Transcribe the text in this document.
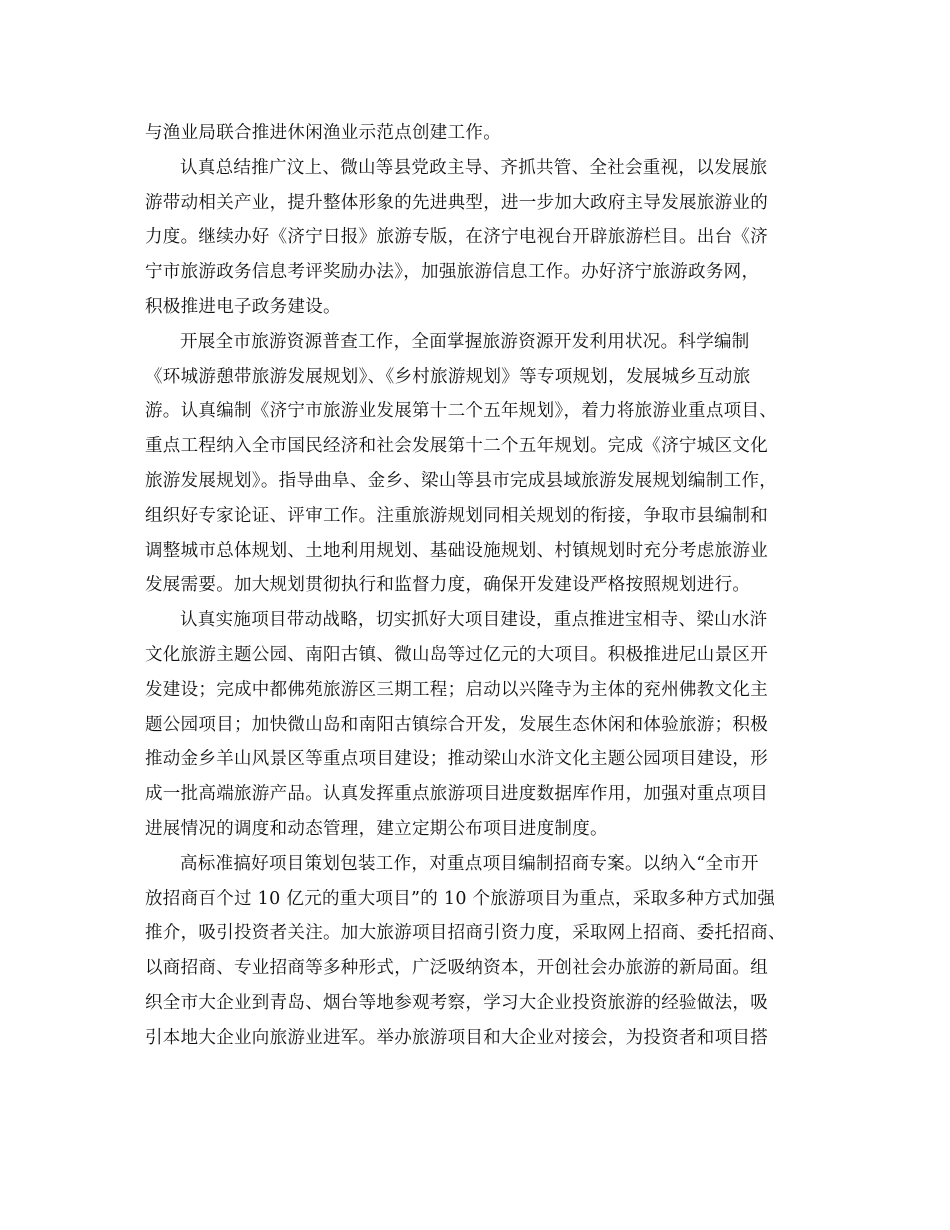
与渔业局联合推进休闲渔业示范点创建工作。
认真总结推广汶上、微山等县党政主导、齐抓共管、全社会重视，以发展旅
游带动相关产业，提升整体形象的先进典型，进一步加大政府主导发展旅游业的
力度。继续办好《济宁日报》旅游专版，在济宁电视台开辟旅游栏目。出台《济
宁市旅游政务信息考评奖励办法》，加强旅游信息工作。办好济宁旅游政务网，
积极推进电子政务建设。
开展全市旅游资源普查工作，全面掌握旅游资源开发利用状况。科学编制
《环城游憩带旅游发展规划》、《乡村旅游规划》等专项规划，发展城乡互动旅
游。认真编制《济宁市旅游业发展第十二个五年规划》，着力将旅游业重点项目、
重点工程纳入全市国民经济和社会发展第十二个五年规划。完成《济宁城区文化
旅游发展规划》。指导曲阜、金乡、梁山等县市完成县域旅游发展规划编制工作，
组织好专家论证、评审工作。注重旅游规划同相关规划的衔接，争取市县编制和
调整城市总体规划、土地利用规划、基础设施规划、村镇规划时充分考虑旅游业
发展需要。加大规划贯彻执行和监督力度，确保开发建设严格按照规划进行。
认真实施项目带动战略，切实抓好大项目建设，重点推进宝相寺、梁山水浒
文化旅游主题公园、南阳古镇、微山岛等过亿元的大项目。积极推进尼山景区开
发建设；完成中都佛苑旅游区三期工程；启动以兴隆寺为主体的兖州佛教文化主
题公园项目；加快微山岛和南阳古镇综合开发，发展生态休闲和体验旅游；积极
推动金乡羊山风景区等重点项目建设；推动梁山水浒文化主题公园项目建设，形
成一批高端旅游产品。认真发挥重点旅游项目进度数据库作用，加强对重点项目
进展情况的调度和动态管理，建立定期公布项目进度制度。
高标准搞好项目策划包装工作，对重点项目编制招商专案。以纳入“全市开
放招商百个过 10 亿元的重大项目”的 10 个旅游项目为重点，采取多种方式加强
推介，吸引投资者关注。加大旅游项目招商引资力度，采取网上招商、委托招商、
以商招商、专业招商等多种形式，广泛吸纳资本，开创社会办旅游的新局面。组
织全市大企业到青岛、烟台等地参观考察，学习大企业投资旅游的经验做法，吸
引本地大企业向旅游业进军。举办旅游项目和大企业对接会，为投资者和项目搭
